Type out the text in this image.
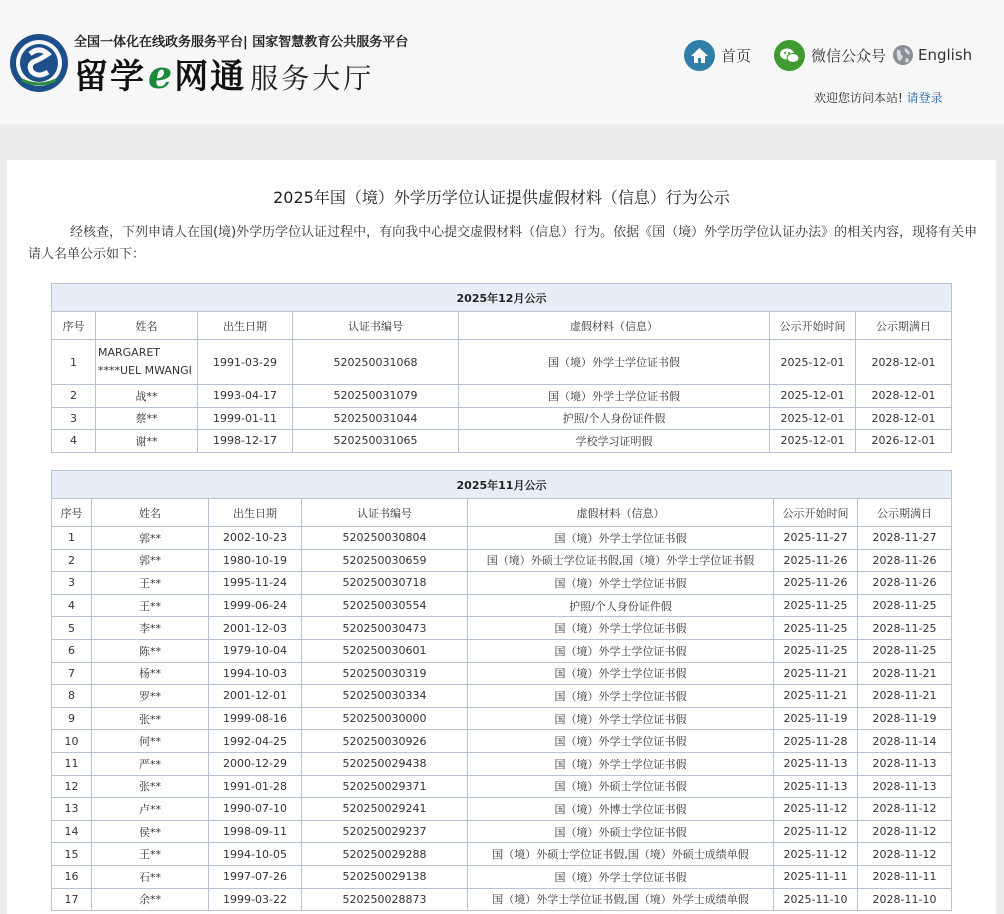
全国一体化在线政务服务平台| 国家智慧教育公共服务平台
留学e网通 服务大厅
首页	微信公众号 English
欢迎您访问本站! 请登录
2025年国（境）外学历学位认证提供虚假材料（信息）行为公示
经核查，下列申请人在国(境)外学历学位认证过程中，有向我中心提交虚假材料（信息）行为。依据《国（境）外学历学位认证办法》的相关内容，现将有关申请人名单公示如下：
2025年12月公示						
序号	姓名	出生日期	认证书编号	虚假材料（信息）	公示开始时间	公示期满日
1	MARGARET ****UEL MWANGI	1991-03-29	520250031068	国（境）外学士学位证书假	2025-12-01	2028-12-01
2	战**	1993-04-17	520250031079	国（境）外学士学位证书假	2025-12-01	2028-12-01
3	蔡**	1999-01-11	520250031044	护照/个人身份证件假	2025-12-01	2028-12-01
4	谢**	1998-12-17	520250031065	学校学习证明假	2025-12-01	2026-12-01
2025年11月公示						
序号	姓名	出生日期	认证书编号	虚假材料（信息）	公示开始时间	公示期满日
1	郭**	2002-10-23	520250030804	国（境）外学士学位证书假	2025-11-27	2028-11-27
2	郭**	1980-10-19	520250030659	国（境）外硕士学位证书假,国（境）外学士学位证书假	2025-11-26	2028-11-26
3	王**	1995-11-24	520250030718	国（境）外学士学位证书假	2025-11-26	2028-11-26
4	王**	1999-06-24	520250030554	护照/个人身份证件假	2025-11-25	2028-11-25
5	李**	2001-12-03	520250030473	国（境）外学士学位证书假	2025-11-25	2028-11-25
6	陈**	1979-10-04	520250030601	国（境）外学士学位证书假	2025-11-25	2028-11-25
7	杨**	1994-10-03	520250030319	国（境）外学士学位证书假	2025-11-21	2028-11-21
8	罗**	2001-12-01	520250030334	国（境）外学士学位证书假	2025-11-21	2028-11-21
9	张**	1999-08-16	520250030000	国（境）外学士学位证书假	2025-11-19	2028-11-19
10	何**	1992-04-25	520250030926	国（境）外学士学位证书假	2025-11-28	2028-11-14
11	严**	2000-12-29	520250029438	国（境）外学士学位证书假	2025-11-13	2028-11-13
12	张**	1991-01-28	520250029371	国（境）外硕士学位证书假	2025-11-13	2028-11-13
13	卢**	1990-07-10	520250029241	国（境）外博士学位证书假	2025-11-12	2028-11-12
14	侯**	1998-09-11	520250029237	国（境）外硕士学位证书假	2025-11-12	2028-11-12
15	王**	1994-10-05	520250029288	国（境）外硕士学位证书假,国（境）外硕士成绩单假	2025-11-12	2028-11-12
16	石**	1997-07-26	520250029138	国（境）外学士学位证书假	2025-11-11	2028-11-11
17	余**	1999-03-22	520250028873	国（境）外学士学位证书假,国（境）外学士成绩单假	2025-11-10	2028-11-10
